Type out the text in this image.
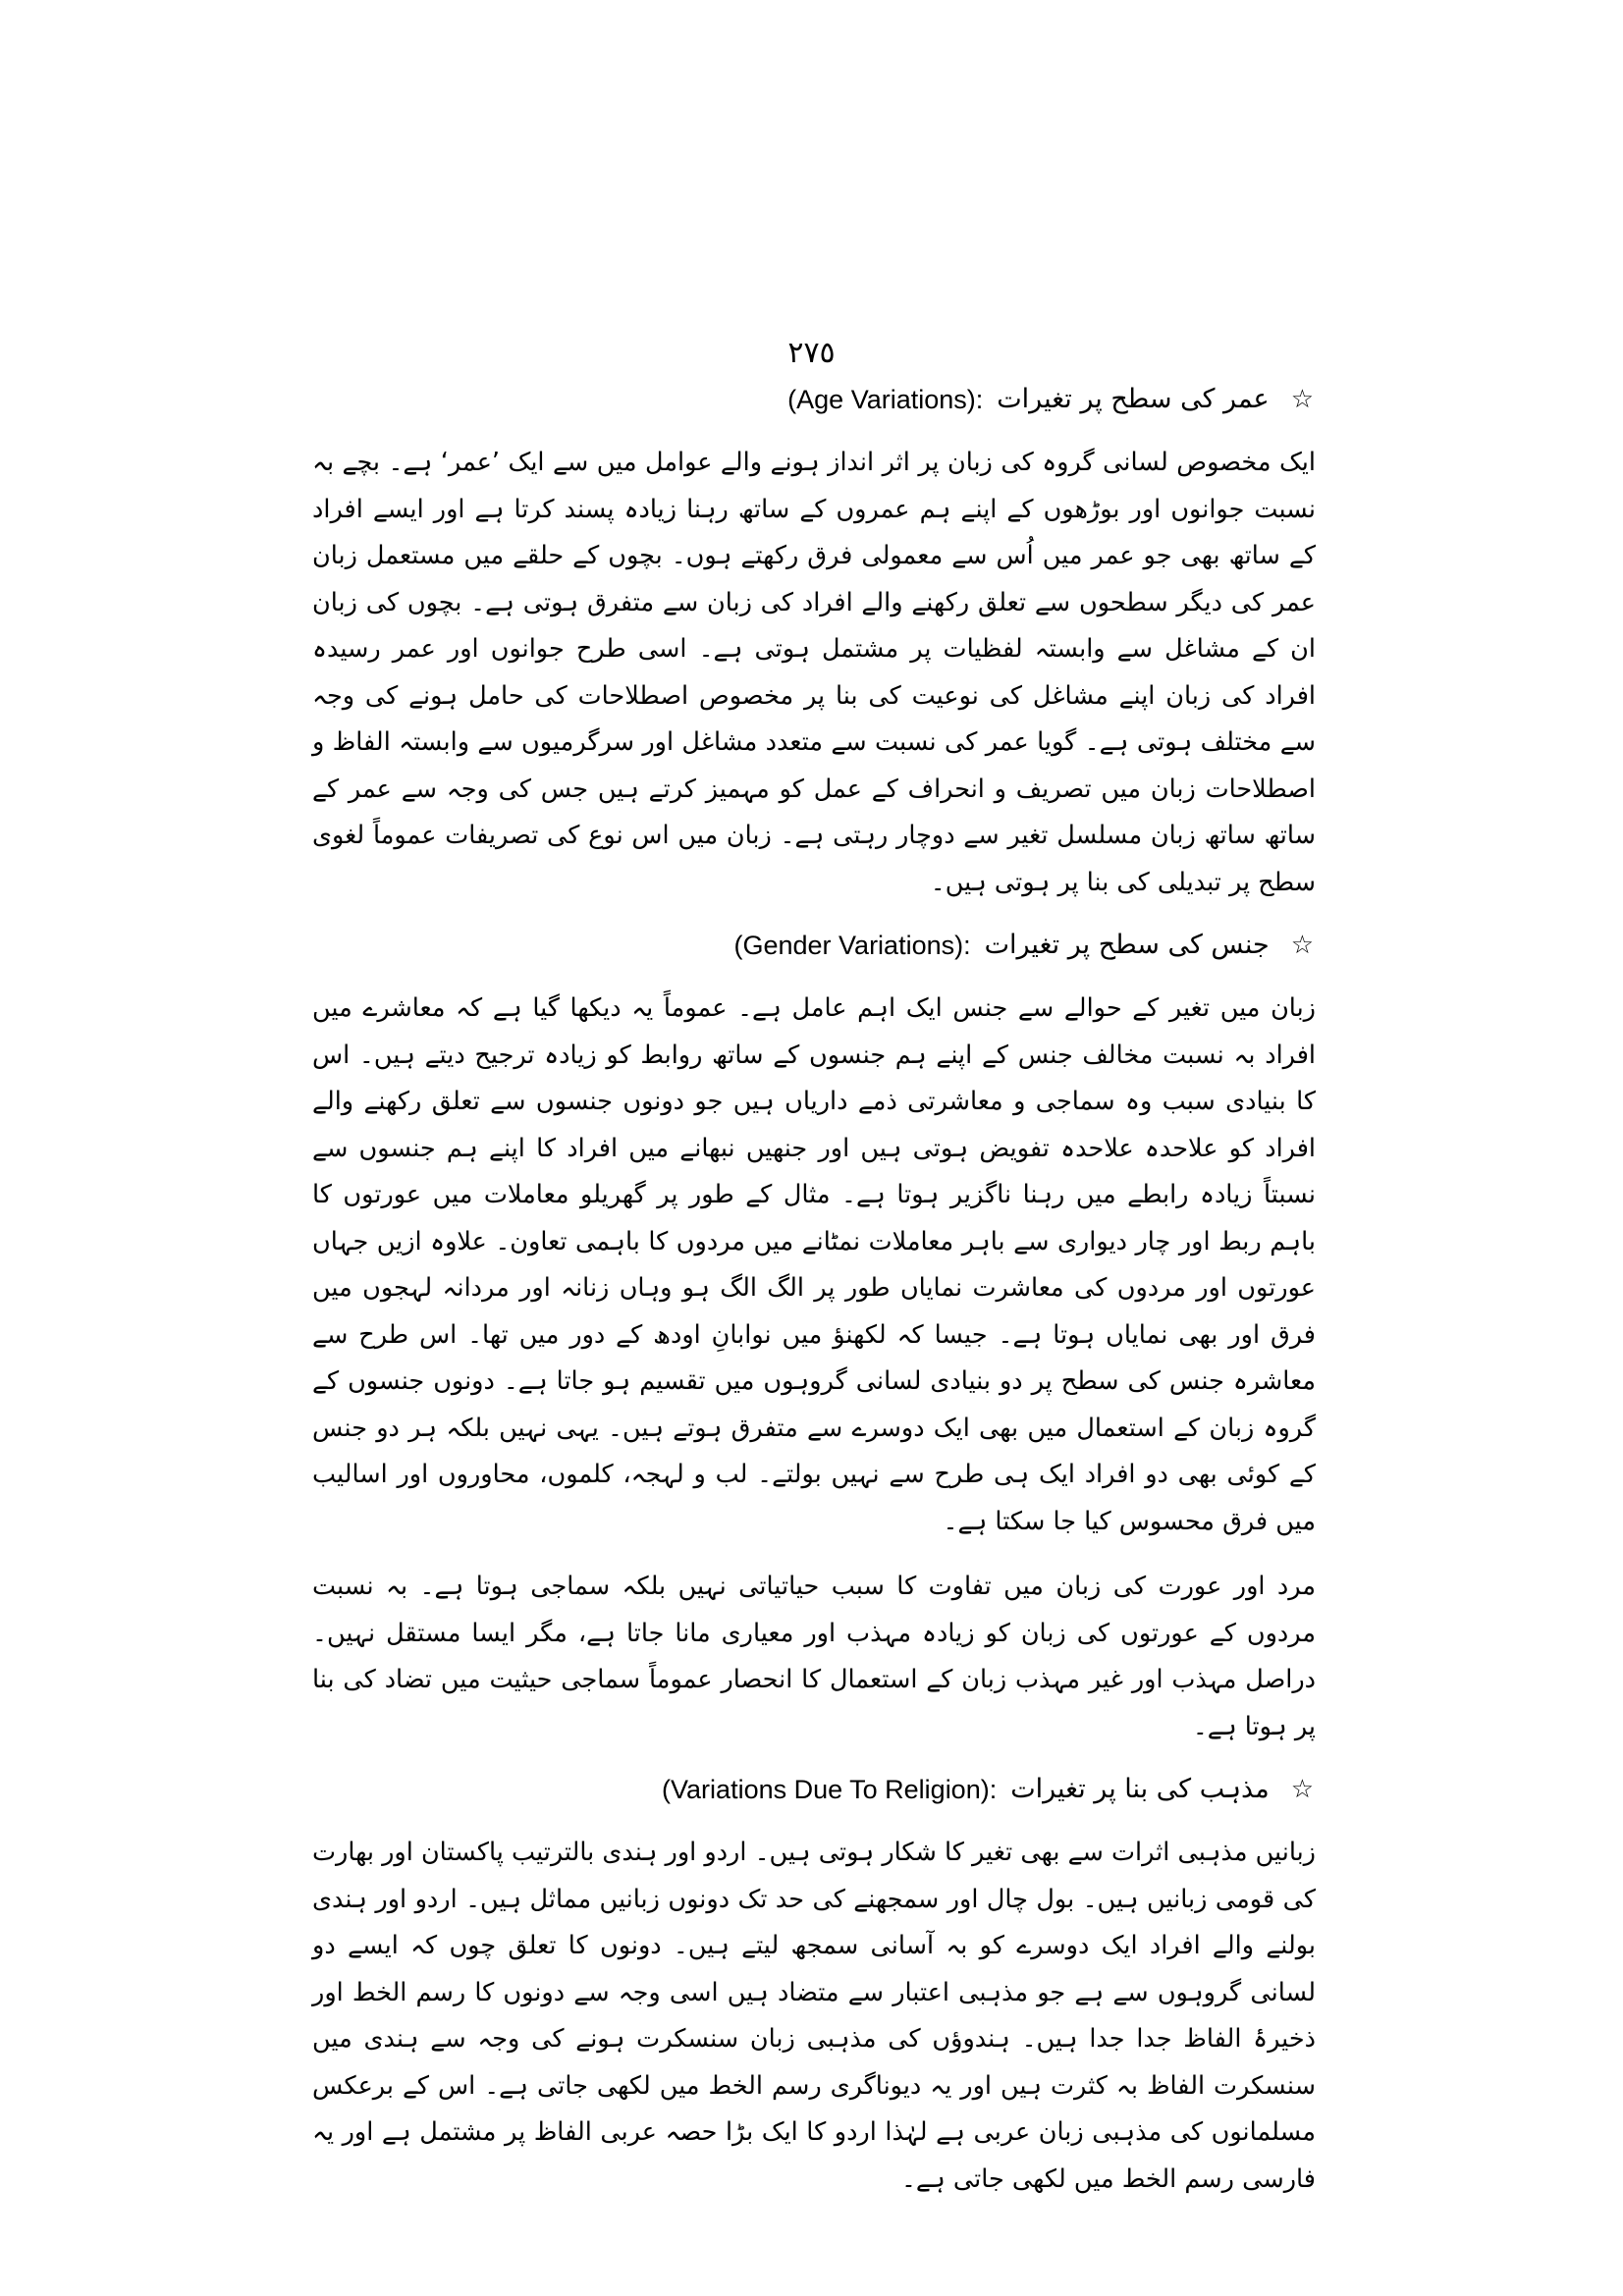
٢٧٥
☆
عمر کی سطح پر تغیرات
(Age Variations):

ایک مخصوص لسانی گروہ کی زبان پر اثر انداز ہونے والے عوامل میں سے ایک ’عمر‘ ہے۔ بچے بہ نسبت جوانوں اور بوڑھوں کے اپنے ہم عمروں کے ساتھ رہنا زیادہ پسند کرتا ہے اور ایسے افراد کے ساتھ بھی جو عمر میں اُس سے معمولی فرق رکھتے ہوں۔ بچوں کے حلقے میں مستعمل زبان عمر کی دیگر سطحوں سے تعلق رکھنے والے افراد کی زبان سے متفرق ہوتی ہے۔ بچوں کی زبان ان کے مشاغل سے وابستہ لفظیات پر مشتمل ہوتی ہے۔ اسی طرح جوانوں اور عمر رسیدہ افراد کی زبان اپنے مشاغل کی نوعیت کی بنا پر مخصوص اصطلاحات کی حامل ہونے کی وجہ سے مختلف ہوتی ہے۔ گویا عمر کی نسبت سے متعدد مشاغل اور سرگرمیوں سے وابستہ الفاظ و اصطلاحات زبان میں تصریف و انحراف کے عمل کو مہمیز کرتے ہیں جس کی وجہ سے عمر کے ساتھ ساتھ زبان مسلسل تغیر سے دوچار رہتی ہے۔ زبان میں اس نوع کی تصریفات عموماً لغوی سطح پر تبدیلی کی بنا پر ہوتی ہیں۔

☆
جنس کی سطح پر تغیرات
(Gender Variations):

زبان میں تغیر کے حوالے سے جنس ایک اہم عامل ہے۔ عموماً یہ دیکھا گیا ہے کہ معاشرے میں افراد بہ نسبت مخالف جنس کے اپنے ہم جنسوں کے ساتھ روابط کو زیادہ ترجیح دیتے ہیں۔ اس کا بنیادی سبب وہ سماجی و معاشرتی ذمے داریاں ہیں جو دونوں جنسوں سے تعلق رکھنے والے افراد کو علاحدہ علاحدہ تفویض ہوتی ہیں اور جنھیں نبھانے میں افراد کا اپنے ہم جنسوں سے نسبتاً زیادہ رابطے میں رہنا ناگزیر ہوتا ہے۔ مثال کے طور پر گھریلو معاملات میں عورتوں کا باہم ربط اور چار دیواری سے باہر معاملات نمٹانے میں مردوں کا باہمی تعاون۔ علاوہ ازیں جہاں عورتوں اور مردوں کی معاشرت نمایاں طور پر الگ الگ ہو وہاں زنانہ اور مردانہ لہجوں میں فرق اور بھی نمایاں ہوتا ہے۔ جیسا کہ لکھنؤ میں نوابانِ اودھ کے دور میں تھا۔ اس طرح سے معاشرہ جنس کی سطح پر دو بنیادی لسانی گروہوں میں تقسیم ہو جاتا ہے۔ دونوں جنسوں کے گروہ زبان کے استعمال میں بھی ایک دوسرے سے متفرق ہوتے ہیں۔ یہی نہیں بلکہ ہر دو جنس کے کوئی بھی دو افراد ایک ہی طرح سے نہیں بولتے۔ لب و لہجہ، کلموں، محاوروں اور اسالیب میں فرق محسوس کیا جا سکتا ہے۔

مرد اور عورت کی زبان میں تفاوت کا سبب حیاتیاتی نہیں بلکہ سماجی ہوتا ہے۔ بہ نسبت مردوں کے عورتوں کی زبان کو زیادہ مہذب اور معیاری مانا جاتا ہے، مگر ایسا مستقل نہیں۔ دراصل مہذب اور غیر مہذب زبان کے استعمال کا انحصار عموماً سماجی حیثیت میں تضاد کی بنا پر ہوتا ہے۔

☆
مذہب کی بنا پر تغیرات
(Variations Due To Religion):

زبانیں مذہبی اثرات سے بھی تغیر کا شکار ہوتی ہیں۔ اردو اور ہندی بالترتیب پاکستان اور بھارت کی قومی زبانیں ہیں۔ بول چال اور سمجھنے کی حد تک دونوں زبانیں مماثل ہیں۔ اردو اور ہندی بولنے والے افراد ایک دوسرے کو بہ آسانی سمجھ لیتے ہیں۔ دونوں کا تعلق چوں کہ ایسے دو لسانی گروہوں سے ہے جو مذہبی اعتبار سے متضاد ہیں اسی وجہ سے دونوں کا رسم الخط اور ذخیرۂ الفاظ جدا جدا ہیں۔ ہندوؤں کی مذہبی زبان سنسکرت ہونے کی وجہ سے ہندی میں سنسکرت الفاظ بہ کثرت ہیں اور یہ دیوناگری رسم الخط میں لکھی جاتی ہے۔ اس کے برعکس مسلمانوں کی مذہبی زبان عربی ہے لہٰذا اردو کا ایک بڑا حصہ عربی الفاظ پر مشتمل ہے اور یہ فارسی رسم الخط میں لکھی جاتی ہے۔
